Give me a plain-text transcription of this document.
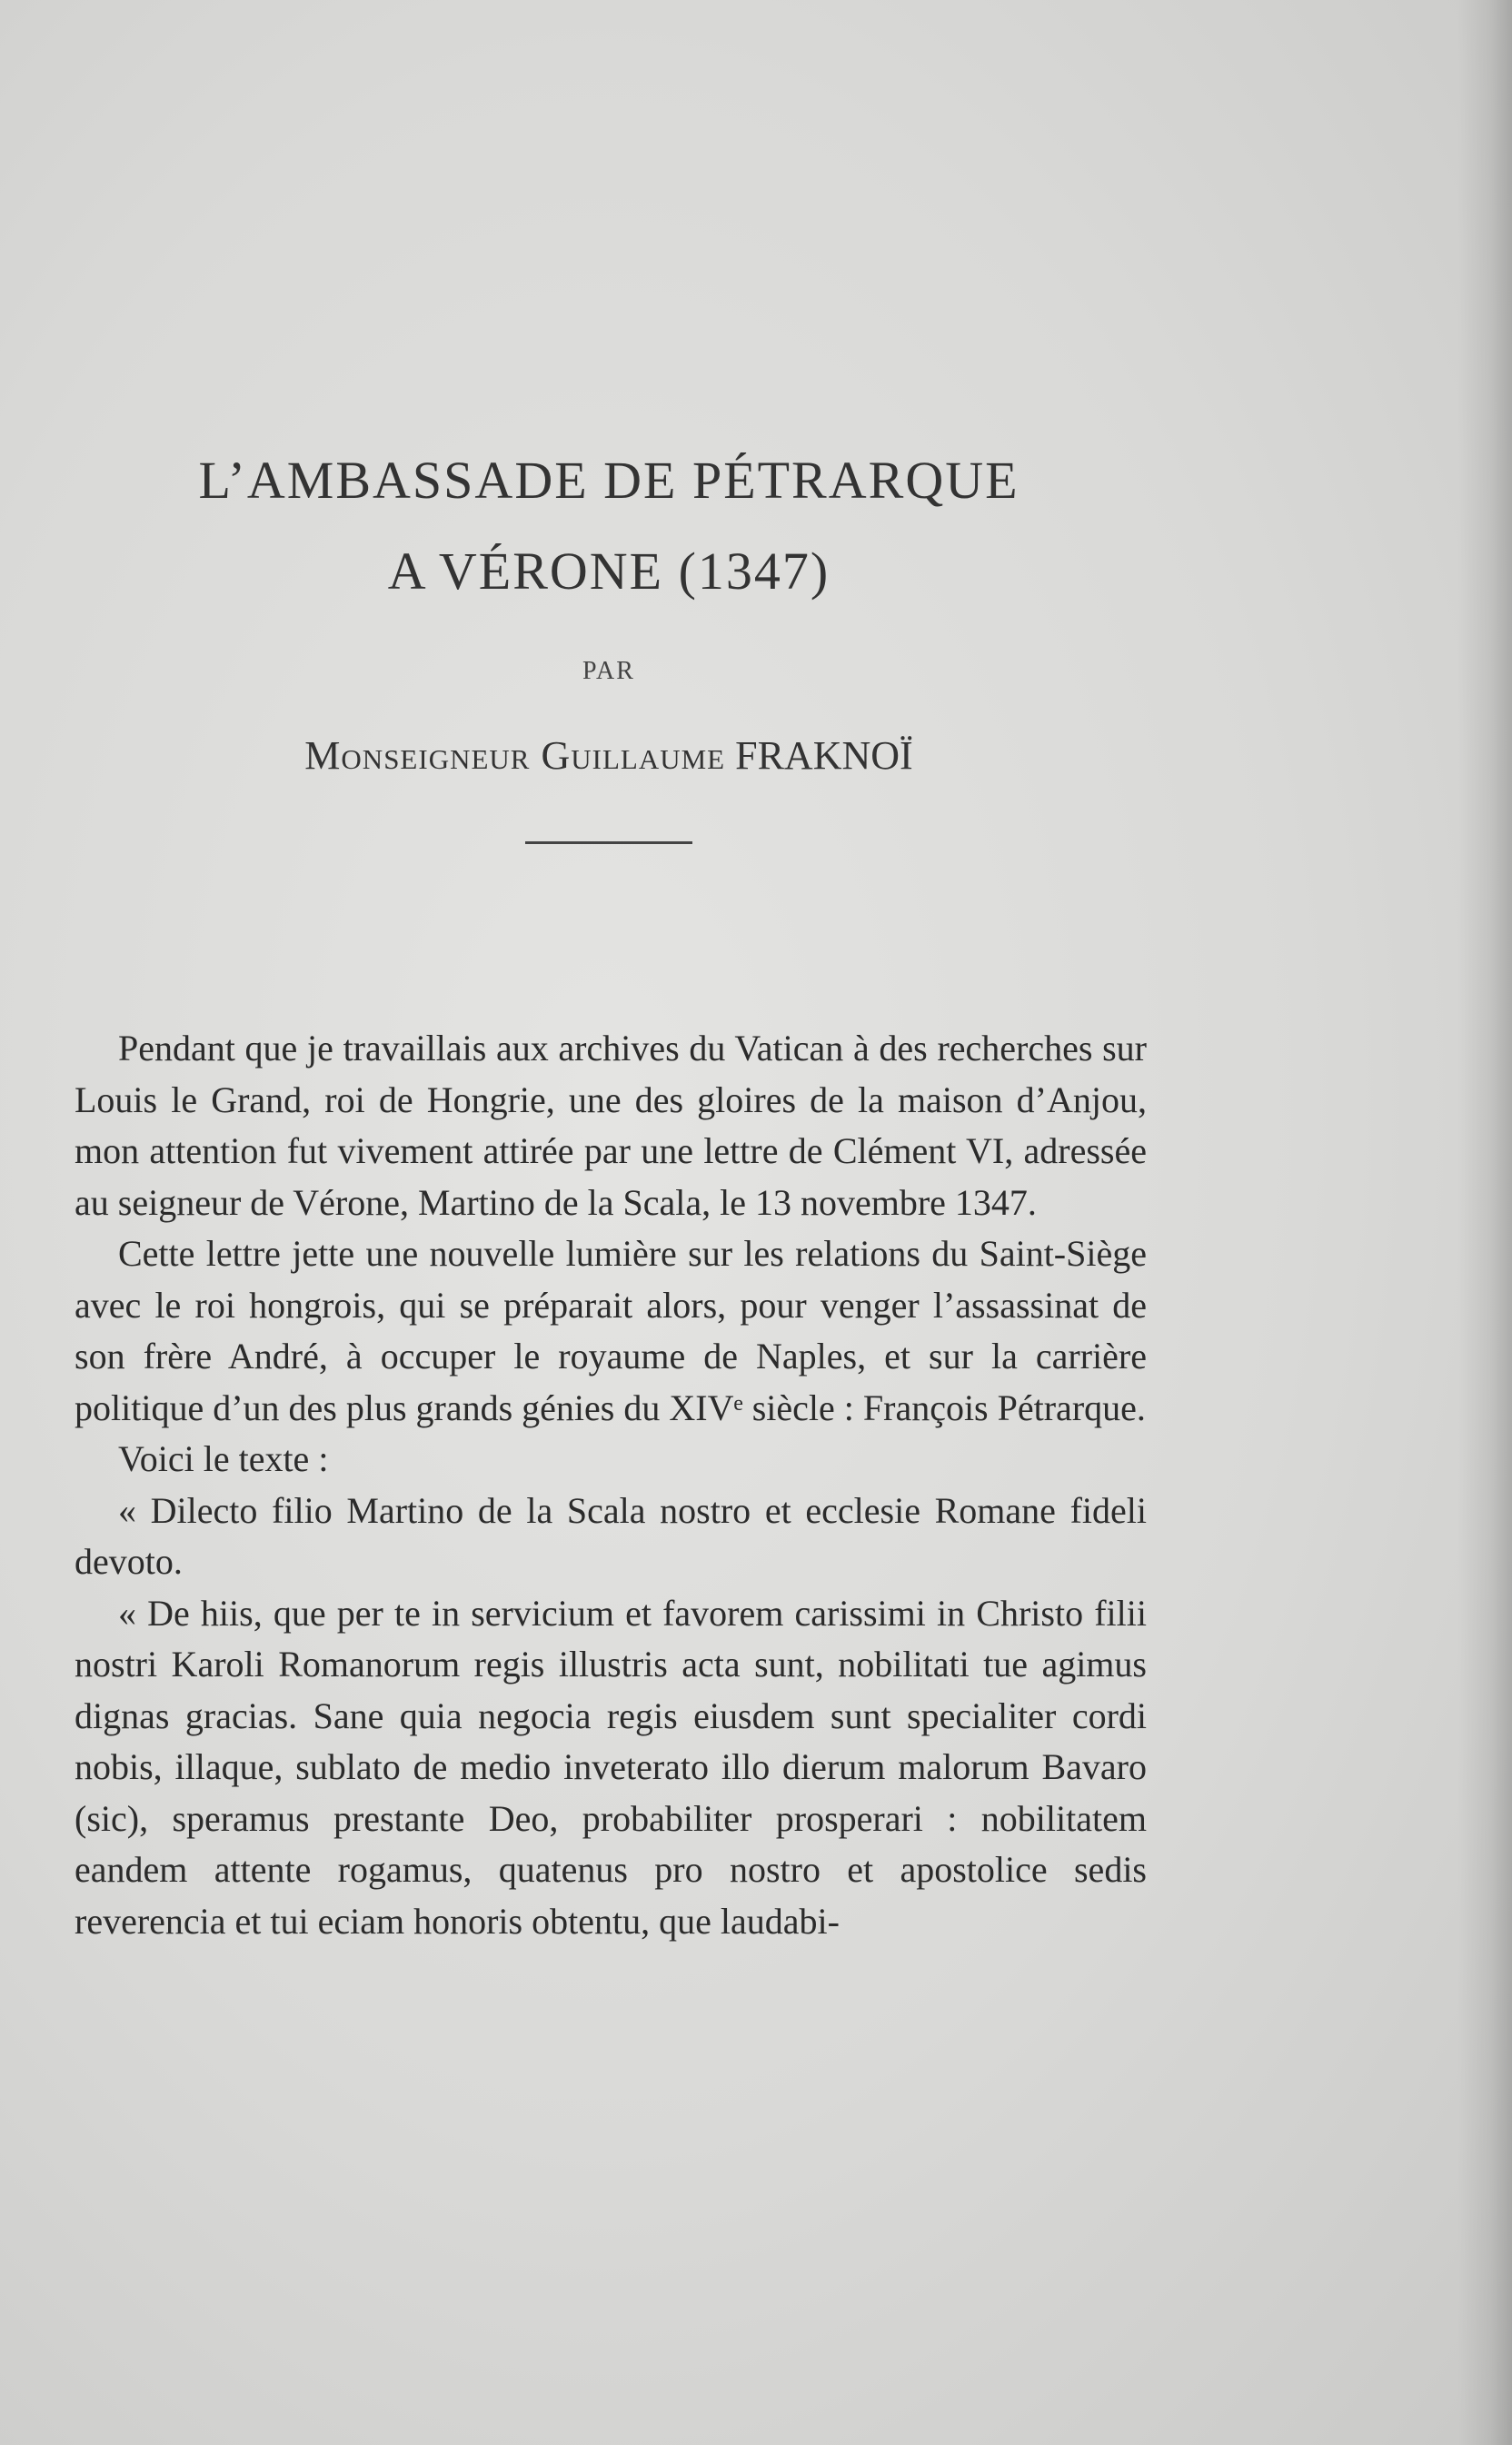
L’AMBASSADE DE PÉTRARQUE
A VÉRONE (1347)
PAR
Monseigneur Guillaume FRAKNOÏ

Pendant que je travaillais aux archives du Vatican à des recherches sur Louis le Grand, roi de Hongrie, une des gloires de la maison d’Anjou, mon attention fut vivement attirée par une lettre de Clément VI, adressée au seigneur de Vérone, Martino de la Scala, le 13 novembre 1347.

Cette lettre jette une nouvelle lumière sur les relations du Saint-Siège avec le roi hongrois, qui se préparait alors, pour venger l’assassinat de son frère André, à occuper le royaume de Naples, et sur la carrière politique d’un des plus grands génies du XIVᵉ siècle : François Pétrarque.

Voici le texte :

« Dilecto filio Martino de la Scala nostro et ecclesie Romane fideli devoto.

« De hiis, que per te in servicium et favorem carissimi in Christo filii nostri Karoli Romanorum regis illustris acta sunt, nobilitati tue agimus dignas gracias. Sane quia negocia regis eiusdem sunt specialiter cordi nobis, illaque, sublato de medio inveterato illo dierum malorum Bavaro (sic), speramus prestante Deo, probabiliter prosperari : nobilitatem eandem attente rogamus, quatenus pro nostro et apostolice sedis reverencia et tui eciam honoris obtentu, que laudabi-
